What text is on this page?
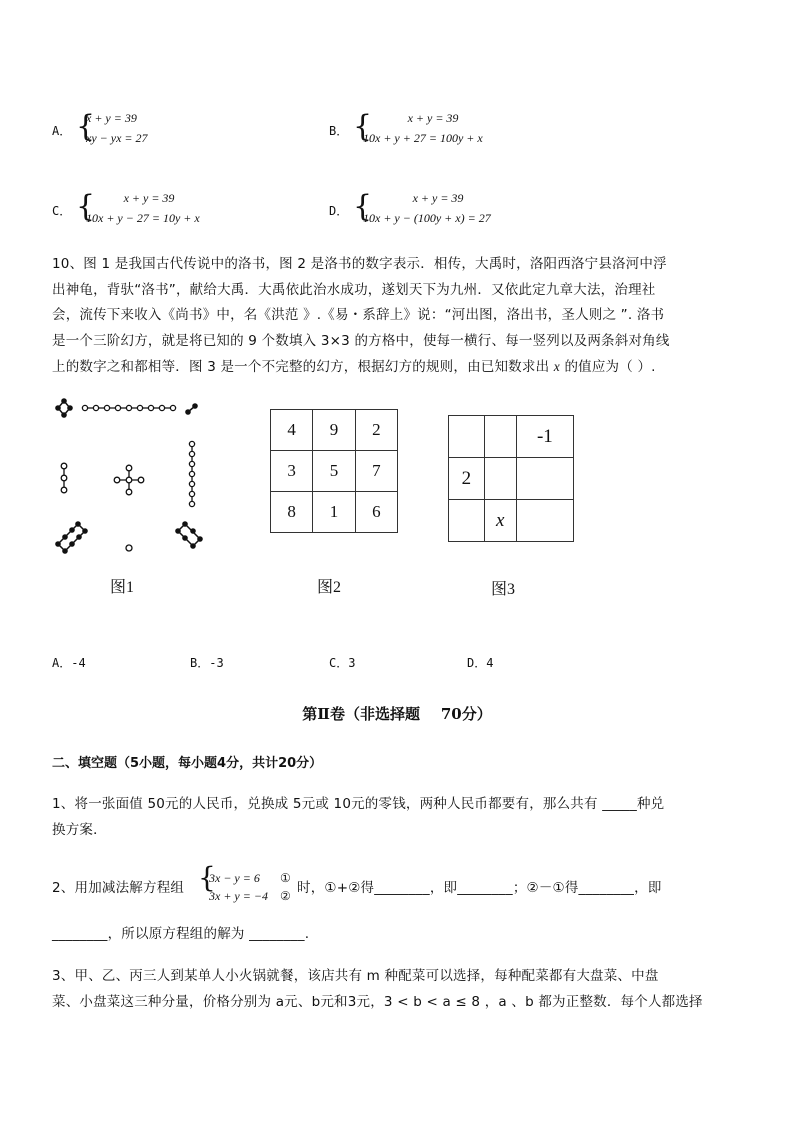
A． {
x + y = 39
xy − yx = 27	B． {	x + y = 39
10x + y + 27 = 100y + x
C． {	x + y = 39
10x + y − 27 = 10y + x	D． {	x + y = 39
10x + y − (100y + x) = 27
10、图 1 是我国古代传说中的洛书，图 2 是洛书的数字表示．相传，大禹时，洛阳西洛宁县洛河中浮
出神龟，背驮“洛书”，献给大禹．大禹依此治水成功，遂划天下为九州．又依此定九章大法，治理社
会，流传下来收入《尚书》中，名《洪范 》.《易・系辞上》说：“河出图，洛出书，圣人则之 ”. 洛书
是一个三阶幻方，就是将已知的 9 个数填入 3×3 的方格中，使每一横行、每一竖列以及两条斜对角线
上的数字之和都相等．图 3 是一个不完整的幻方，根据幻方的规则，由已知数求出 x 的值应为（ ）.
4	9	2
3	5	7
8	1	6
		-1
2		
	x	
图1	图2	图3
A．-4	B．-3	C．3	D．4
第Ⅱ卷（非选择题    70分）
二、填空题（5小题，每小题4分，共计20分）
1、将一张面值 50元的人民币，兑换成 5元或 10元的零钱，两种人民币都要有，那么共有 _____种兑
换方案．
2、用加减法解方程组 {
3x − y = 6
3x + y = −4
①
② 时，①+②得________，即________；②－①得________，即
________，所以原方程组的解为 ________.
3、甲、乙、丙三人到某单人小火锅就餐，该店共有 m 种配菜可以选择，每种配菜都有大盘菜、中盘
菜、小盘菜这三种分量，价格分别为 a元、b元和3元，3 < b < a ≤ 8 ，a 、b 都为正整数．每个人都选择
